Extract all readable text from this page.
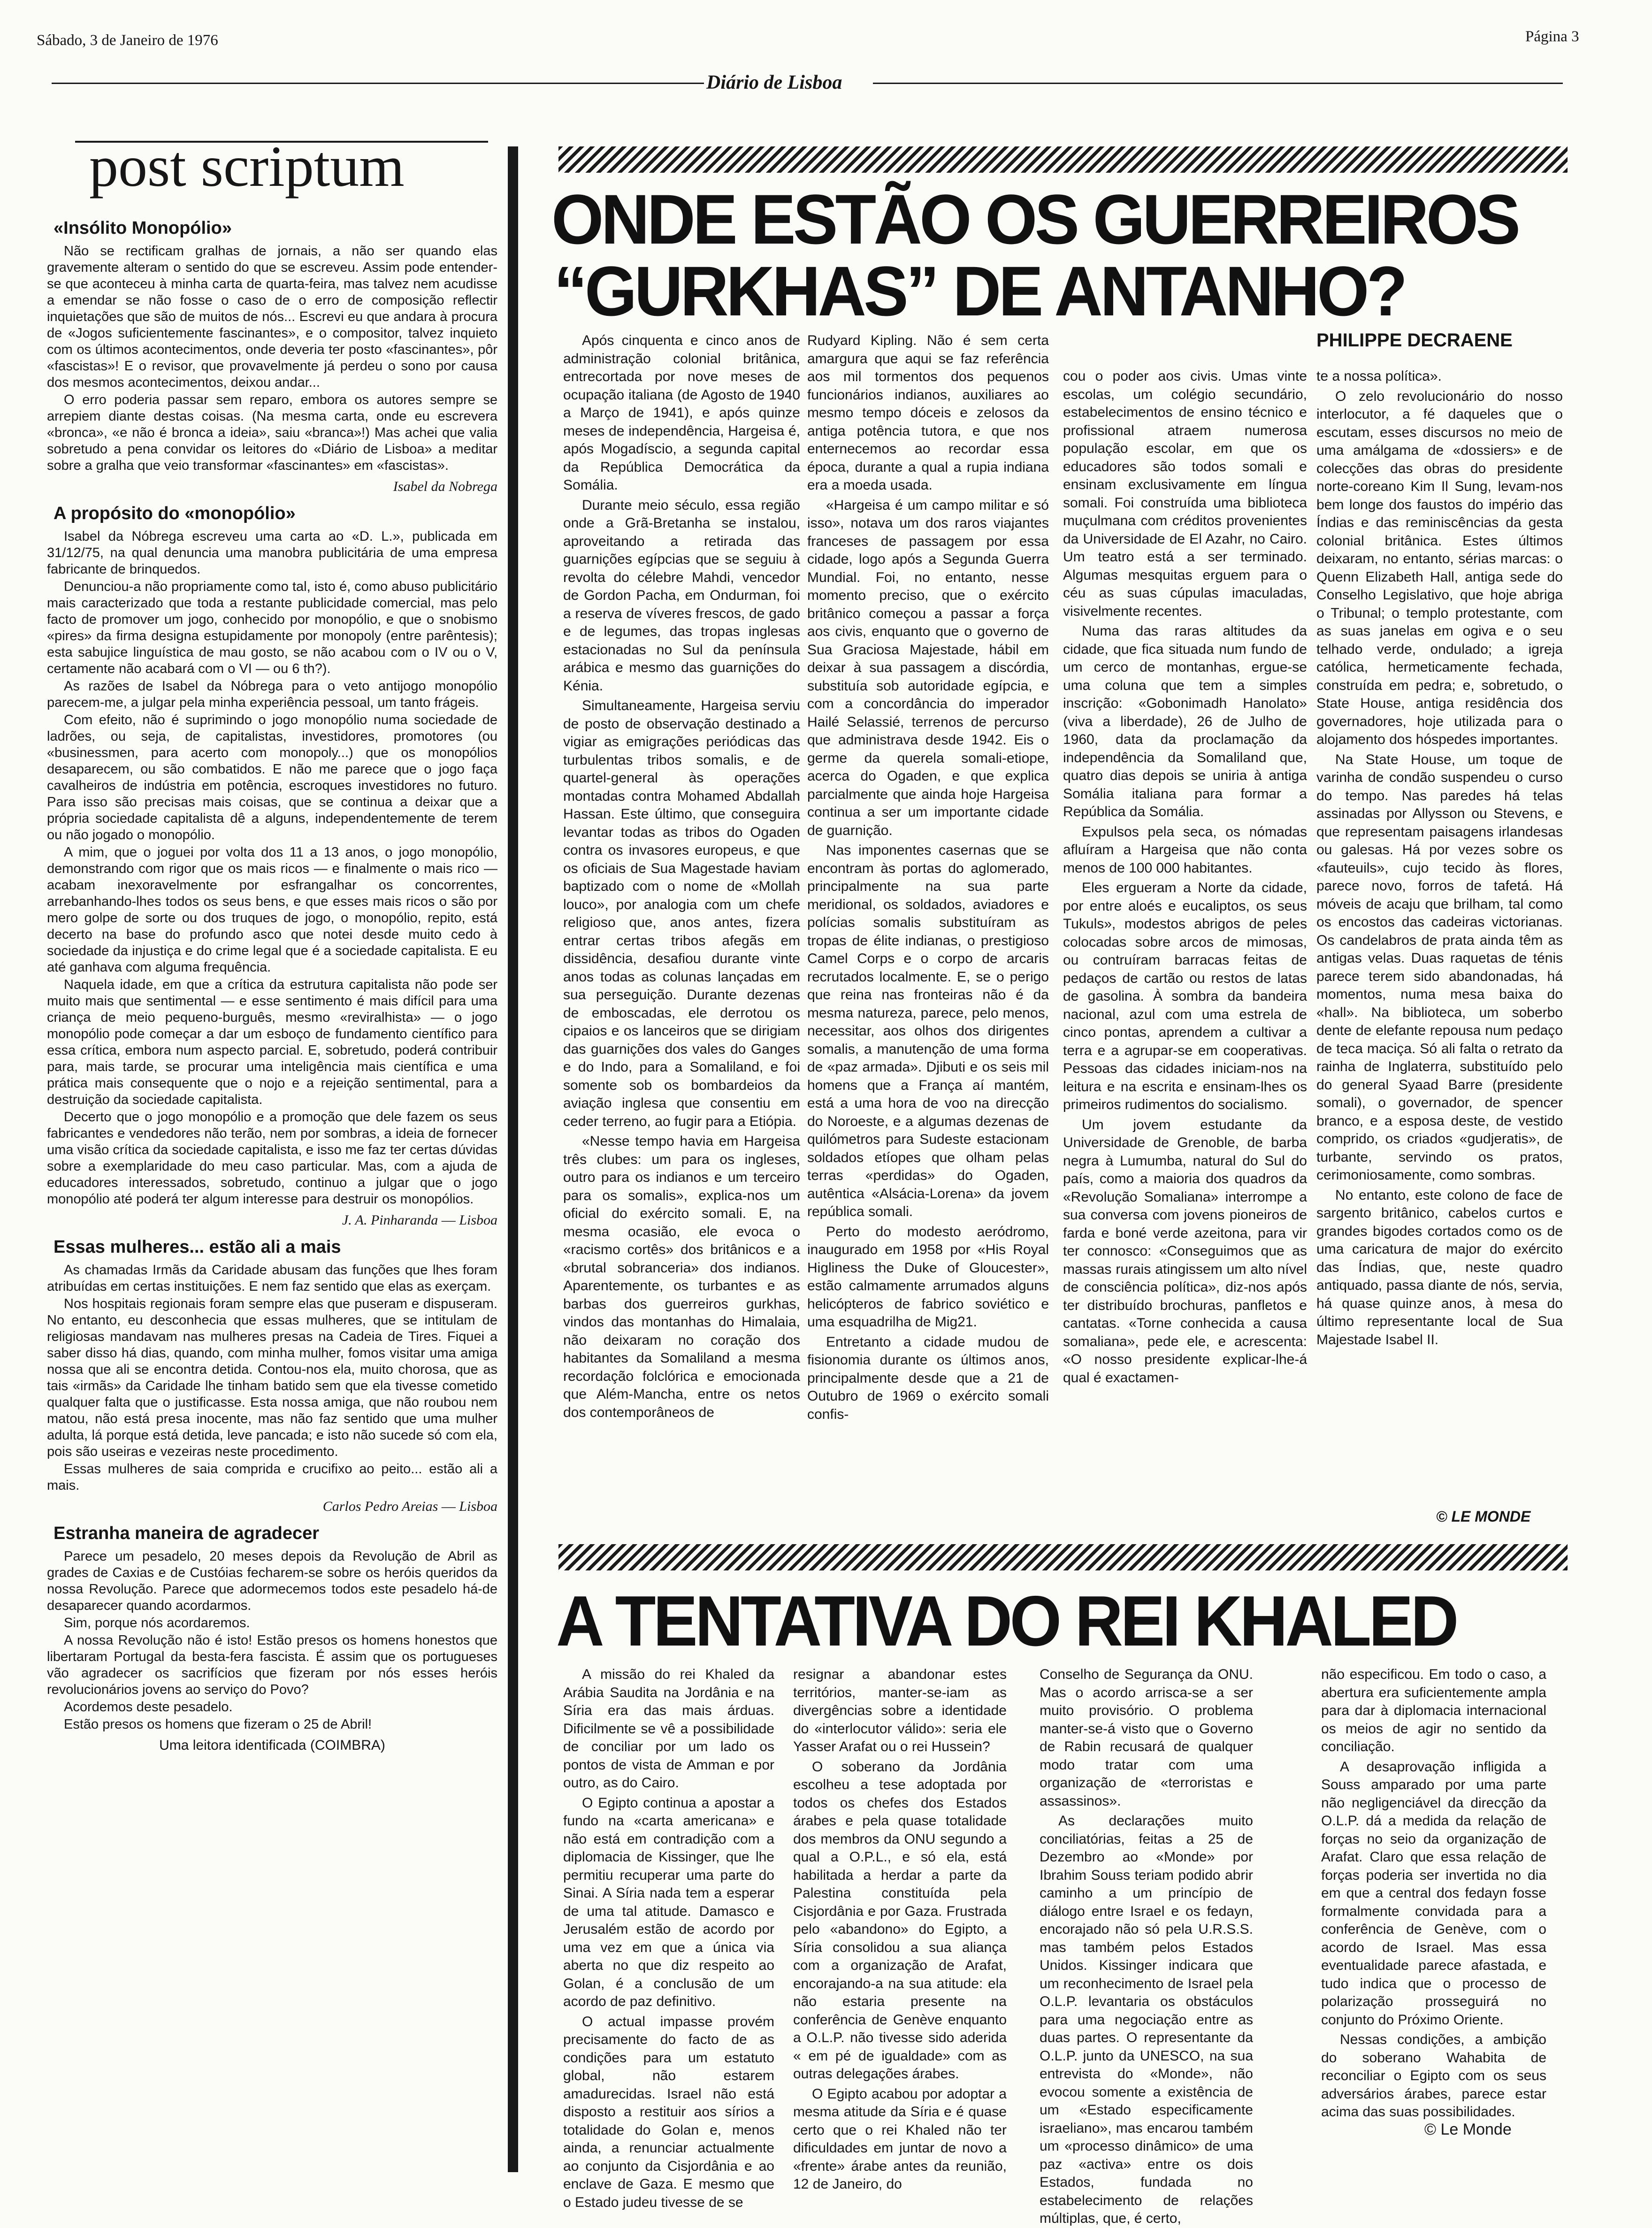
Sábado, 3 de Janeiro de 1976
Diário de Lisboa
Página 3
post scriptum
«Insólito Monopólio»

Não se rectificam gralhas de jornais, a não ser quando elas gravemente alteram o sentido do que se escreveu. Assim pode entender-se que aconteceu à minha carta de quarta-feira, mas talvez nem acudisse a emendar se não fosse o caso de o erro de composição reflectir inquietações que são de muitos de nós... Escrevi eu que andara à procura de «Jogos suficientemente fascinantes», e o compositor, talvez inquieto com os últimos acontecimentos, onde deveria ter posto «fascinantes», pôr «fascistas»! E o revisor, que provavelmente já perdeu o sono por causa dos mesmos acontecimentos, deixou andar...

O erro poderia passar sem reparo, embora os autores sempre se arrepiem diante destas coisas. (Na mesma carta, onde eu escrevera «bronca», «e não é bronca a ideia», saiu «branca»!) Mas achei que valia sobretudo a pena convidar os leitores do «Diário de Lisboa» a meditar sobre a gralha que veio transformar «fascinantes» em «fascistas».

Isabel da Nobrega
A propósito do «monopólio»

Isabel da Nóbrega escreveu uma carta ao «D. L.», publicada em 31/12/75, na qual denuncia uma manobra publicitária de uma empresa fabricante de brinquedos.

Denunciou-a não propriamente como tal, isto é, como abuso publicitário mais caracterizado que toda a restante publicidade comercial, mas pelo facto de promover um jogo, conhecido por monopólio, e que o snobismo «pires» da firma designa estupidamente por monopoly (entre parêntesis); esta sabujice linguística de mau gosto, se não acabou com o IV ou o V, certamente não acabará com o VI ― ou 6 th?).

As razões de Isabel da Nóbrega para o veto antijogo monopólio parecem-me, a julgar pela minha experiência pessoal, um tanto frágeis.

Com efeito, não é suprimindo o jogo monopólio numa sociedade de ladrões, ou seja, de capitalistas, investidores, promotores (ou «businessmen, para acerto com monopoly...) que os monopólios desaparecem, ou são combatidos. E não me parece que o jogo faça cavalheiros de indústria em potência, escroques investidores no futuro. Para isso são precisas mais coisas, que se continua a deixar que a própria sociedade capitalista dê a alguns, independentemente de terem ou não jogado o monopólio.

A mim, que o joguei por volta dos 11 a 13 anos, o jogo monopólio, demonstrando com rigor que os mais ricos ― e finalmente o mais rico ― acabam inexoravelmente por esfrangalhar os concorrentes, arrebanhando-lhes todos os seus bens, e que esses mais ricos o são por mero golpe de sorte ou dos truques de jogo, o monopólio, repito, está decerto na base do profundo asco que notei desde muito cedo à sociedade da injustiça e do crime legal que é a sociedade capitalista. E eu até ganhava com alguma frequência.

Naquela idade, em que a crítica da estrutura capitalista não pode ser muito mais que sentimental ― e esse sentimento é mais difícil para uma criança de meio pequeno-burguês, mesmo «reviralhista» ― o jogo monopólio pode começar a dar um esboço de fundamento científico para essa crítica, embora num aspecto parcial. E, sobretudo, poderá contribuir para, mais tarde, se procurar uma inteligência mais científica e uma prática mais consequente que o nojo e a rejeição sentimental, para a destruição da sociedade capitalista.

Decerto que o jogo monopólio e a promoção que dele fazem os seus fabricantes e vendedores não terão, nem por sombras, a ideia de fornecer uma visão crítica da sociedade capitalista, e isso me faz ter certas dúvidas sobre a exemplaridade do meu caso particular. Mas, com a ajuda de educadores interessados, sobretudo, continuo a julgar que o jogo monopólio até poderá ter algum interesse para destruir os monopólios.

J. A. Pinharanda ― Lisboa
Essas mulheres... estão ali a mais

As chamadas Irmãs da Caridade abusam das funções que lhes foram atribuídas em certas instituições. E nem faz sentido que elas as exerçam.

Nos hospitais regionais foram sempre elas que puseram e dispuseram. No entanto, eu desconhecia que essas mulheres, que se intitulam de religiosas mandavam nas mulheres presas na Cadeia de Tires. Fiquei a saber disso há dias, quando, com minha mulher, fomos visitar uma amiga nossa que ali se encontra detida. Contou-nos ela, muito chorosa, que as tais «irmãs» da Caridade lhe tinham batido sem que ela tivesse cometido qualquer falta que o justificasse. Esta nossa amiga, que não roubou nem matou, não está presa inocente, mas não faz sentido que uma mulher adulta, lá porque está detida, leve pancada; e isto não sucede só com ela, pois são useiras e vezeiras neste procedimento.

Essas mulheres de saia comprida e crucifixo ao peito... estão ali a mais.

Carlos Pedro Areias ― Lisboa
Estranha maneira de agradecer

Parece um pesadelo, 20 meses depois da Revolução de Abril as grades de Caxias e de Custóias fecharem-se sobre os heróis queridos da nossa Revolução. Parece que adormecemos todos este pesadelo há-de desaparecer quando acordarmos.

Sim, porque nós acordaremos.

A nossa Revolução não é isto! Estão presos os homens honestos que libertaram Portugal da besta-fera fascista. É assim que os portugueses vão agradecer os sacrifícios que fizeram por nós esses heróis revolucionários jovens ao serviço do Povo?

Acordemos deste pesadelo.

Estão presos os homens que fizeram o 25 de Abril!

Uma leitora identificada (COIMBRA)
ONDE ESTÃO OS GUERREIROS
“GURKHAS” DE ANTANHO?
PHILIPPE DECRAENE

Após cinquenta e cinco anos de administração colonial britânica, entrecortada por nove meses de ocupação italiana (de Agosto de 1940 a Março de 1941), e após quinze meses de independência, Hargeisa é, após Mogadíscio, a segunda capital da República Democrática da Somália.

Durante meio século, essa região onde a Grã-Bretanha se instalou, aproveitando a retirada das guarnições egípcias que se seguiu à revolta do célebre Mahdi, vencedor de Gordon Pacha, em Ondurman, foi a reserva de víveres frescos, de gado e de legumes, das tropas inglesas estacionadas no Sul da península arábica e mesmo das guarnições do Kénia.

Simultaneamente, Hargeisa serviu de posto de observação destinado a vigiar as emigrações periódicas das turbulentas tribos somalis, e de quartel-general às operações montadas contra Mohamed Abdallah Hassan. Este último, que conseguira levantar todas as tribos do Ogaden contra os invasores europeus, e que os oficiais de Sua Magestade haviam baptizado com o nome de «Mollah louco», por analogia com um chefe religioso que, anos antes, fizera entrar certas tribos afegãs em dissidência, desafiou durante vinte anos todas as colunas lançadas em sua perseguição. Durante dezenas de emboscadas, ele derrotou os cipaios e os lanceiros que se dirigiam das guarnições dos vales do Ganges e do Indo, para a Somaliland, e foi somente sob os bombardeios da aviação inglesa que consentiu em ceder terreno, ao fugir para a Etiópia.

«Nesse tempo havia em Hargeisa três clubes: um para os ingleses, outro para os indianos e um terceiro para os somalis», explica-nos um oficial do exército somali. E, na mesma ocasião, ele evoca o «racismo cortês» dos britânicos e a «brutal sobranceria» dos indianos. Aparentemente, os turbantes e as barbas dos guerreiros gurkhas, vindos das montanhas do Himalaia, não deixaram no coração dos habitantes da Somaliland a mesma recordação folclórica e emocionada que Além-Mancha, entre os netos dos contemporâneos de

Rudyard Kipling. Não é sem certa amargura que aqui se faz referência aos mil tormentos dos pequenos funcionários indianos, auxiliares ao mesmo tempo dóceis e zelosos da antiga potência tutora, e que nos enternecemos ao recordar essa época, durante a qual a rupia indiana era a moeda usada.

«Hargeisa é um campo militar e só isso», notava um dos raros viajantes franceses de passagem por essa cidade, logo após a Segunda Guerra Mundial. Foi, no entanto, nesse momento preciso, que o exército britânico começou a passar a força aos civis, enquanto que o governo de Sua Graciosa Majestade, hábil em deixar à sua passagem a discórdia, substituía sob autoridade egípcia, e com a concordância do imperador Hailé Selassié, terrenos de percurso que administrava desde 1942. Eis o germe da querela somali-etiope, acerca do Ogaden, e que explica parcialmente que ainda hoje Hargeisa continua a ser um importante cidade de guarnição.

Nas imponentes casernas que se encontram às portas do aglomerado, principalmente na sua parte meridional, os soldados, aviadores e polícias somalis substituíram as tropas de élite indianas, o prestigioso Camel Corps e o corpo de arcaris recrutados localmente. E, se o perigo que reina nas fronteiras não é da mesma natureza, parece, pelo menos, necessitar, aos olhos dos dirigentes somalis, a manutenção de uma forma de «paz armada». Djibuti e os seis mil homens que a França aí mantém, está a uma hora de voo na direcção do Noroeste, e a algumas dezenas de quilómetros para Sudeste estacionam soldados etíopes que olham pelas terras «perdidas» do Ogaden, autêntica «Alsácia-Lorena» da jovem república somali.

Perto do modesto aeródromo, inaugurado em 1958 por «His Royal Higliness the Duke of Gloucester», estão calmamente arrumados alguns helicópteros de fabrico soviético e uma esquadrilha de Mig21.

Entretanto a cidade mudou de fisionomia durante os últimos anos, principalmente desde que a 21 de Outubro de 1969 o exército somali confis-

cou o poder aos civis. Umas vinte escolas, um colégio secundário, estabelecimentos de ensino técnico e profissional atraem numerosa população escolar, em que os educadores são todos somali e ensinam exclusivamente em língua somali. Foi construída uma biblioteca muçulmana com créditos provenientes da Universidade de El Azahr, no Cairo. Um teatro está a ser terminado. Algumas mesquitas erguem para o céu as suas cúpulas imaculadas, visivelmente recentes.

Numa das raras altitudes da cidade, que fica situada num fundo de um cerco de montanhas, ergue-se uma coluna que tem a simples inscrição: «Gobonimadh Hanolato» (viva a liberdade), 26 de Julho de 1960, data da proclamação da independência da Somaliland que, quatro dias depois se uniria à antiga Somália italiana para formar a República da Somália.

Expulsos pela seca, os nómadas afluíram a Hargeisa que não conta menos de 100 000 habitantes.

Eles ergueram a Norte da cidade, por entre aloés e eucaliptos, os seus Tukuls», modestos abrigos de peles colocadas sobre arcos de mimosas, ou contruíram barracas feitas de pedaços de cartão ou restos de latas de gasolina. À sombra da bandeira nacional, azul com uma estrela de cinco pontas, aprendem a cultivar a terra e a agrupar-se em cooperativas. Pessoas das cidades iniciam-nos na leitura e na escrita e ensinam-lhes os primeiros rudimentos do socialismo.

Um jovem estudante da Universidade de Grenoble, de barba negra à Lumumba, natural do Sul do país, como a maioria dos quadros da «Revolução Somaliana» interrompe a sua conversa com jovens pioneiros de farda e boné verde azeitona, para vir ter connosco: «Conseguimos que as massas rurais atingissem um alto nível de consciência política», diz-nos após ter distribuído brochuras, panfletos e cantatas. «Torne conhecida a causa somaliana», pede ele, e acrescenta: «O nosso presidente explicar-lhe-á qual é exactamen-

te a nossa política».

O zelo revolucionário do nosso interlocutor, a fé daqueles que o escutam, esses discursos no meio de uma amálgama de «dossiers» e de colecções das obras do presidente norte-coreano Kim Il Sung, levam-nos bem longe dos faustos do império das Índias e das reminiscências da gesta colonial britânica. Estes últimos deixaram, no entanto, sérias marcas: o Quenn Elizabeth Hall, antiga sede do Conselho Legislativo, que hoje abriga o Tribunal; o templo protestante, com as suas janelas em ogiva e o seu telhado verde, ondulado; a igreja católica, hermeticamente fechada, construída em pedra; e, sobretudo, o State House, antiga residência dos governadores, hoje utilizada para o alojamento dos hóspedes importantes.

Na State House, um toque de varinha de condão suspendeu o curso do tempo. Nas paredes há telas assinadas por Allysson ou Stevens, e que representam paisagens irlandesas ou galesas. Há por vezes sobre os «fauteuils», cujo tecido às flores, parece novo, forros de tafetá. Há móveis de acaju que brilham, tal como os encostos das cadeiras victorianas. Os candelabros de prata ainda têm as antigas velas. Duas raquetas de ténis parece terem sido abandonadas, há momentos, numa mesa baixa do «hall». Na biblioteca, um soberbo dente de elefante repousa num pedaço de teca maciça. Só ali falta o retrato da rainha de Inglaterra, substituído pelo do general Syaad Barre (presidente somali), o governador, de spencer branco, e a esposa deste, de vestido comprido, os criados «gudjeratis», de turbante, servindo os pratos, cerimoniosamente, como sombras.

No entanto, este colono de face de sargento britânico, cabelos curtos e grandes bigodes cortados como os de uma caricatura de major do exército das Índias, que, neste quadro antiquado, passa diante de nós, servia, há quase quinze anos, à mesa do último representante local de Sua Majestade Isabel II.

© LE MONDE
A TENTATIVA DO REI KHALED

A missão do rei Khaled da Arábia Saudita na Jordânia e na Síria era das mais árduas. Dificilmente se vê a possibilidade de conciliar por um lado os pontos de vista de Amman e por outro, as do Cairo.

O Egipto continua a apostar a fundo na «carta americana» e não está em contradição com a diplomacia de Kissinger, que lhe permitiu recuperar uma parte do Sinai. A Síria nada tem a esperar de uma tal atitude. Damasco e Jerusalém estão de acordo por uma vez em que a única via aberta no que diz respeito ao Golan, é a conclusão de um acordo de paz definitivo.

O actual impasse provém precisamente do facto de as condições para um estatuto global, não estarem amadurecidas. Israel não está disposto a restituir aos sírios a totalidade do Golan e, menos ainda, a renunciar actualmente ao conjunto da Cisjordânia e ao enclave de Gaza. E mesmo que o Estado judeu tivesse de se

resignar a abandonar estes territórios, manter-se-iam as divergências sobre a identidade do «interlocutor válido»: seria ele Yasser Arafat ou o rei Hussein?

O soberano da Jordânia escolheu a tese adoptada por todos os chefes dos Estados árabes e pela quase totalidade dos membros da ONU segundo a qual a O.P.L., e só ela, está habilitada a herdar a parte da Palestina constituída pela Cisjordânia e por Gaza. Frustrada pelo «abandono» do Egipto, a Síria consolidou a sua aliança com a organização de Arafat, encorajando-a na sua atitude: ela não estaria presente na conferência de Genève enquanto a O.L.P. não tivesse sido aderida « em pé de igualdade» com as outras delegações árabes.

O Egipto acabou por adoptar a mesma atitude da Síria e é quase certo que o rei Khaled não ter dificuldades em juntar de novo a «frente» árabe antes da reunião, 12 de Janeiro, do

Conselho de Segurança da ONU. Mas o acordo arrisca-se a ser muito provisório. O problema manter-se-á visto que o Governo de Rabin recusará de qualquer modo tratar com uma organização de «terroristas e assassinos».

As declarações muito conciliatórias, feitas a 25 de Dezembro ao «Monde» por Ibrahim Souss teriam podido abrir caminho a um princípio de diálogo entre Israel e os fedayn, encorajado não só pela U.R.S.S. mas também pelos Estados Unidos. Kissinger indicara que um reconhecimento de Israel pela O.L.P. levantaria os obstáculos para uma negociação entre as duas partes. O representante da O.L.P. junto da UNESCO, na sua entrevista do «Monde», não evocou somente a existência de um «Estado especificamente israeliano», mas encarou também um «processo dinâmico» de uma paz «activa» entre os dois Estados, fundada no estabelecimento de relações múltiplas, que, é certo,

não especificou. Em todo o caso, a abertura era suficientemente ampla para dar à diplomacia internacional os meios de agir no sentido da conciliação.

A desaprovação infligida a Souss amparado por uma parte não negligenciável da direcção da O.L.P. dá a medida da relação de forças no seio da organização de Arafat. Claro que essa relação de forças poderia ser invertida no dia em que a central dos fedayn fosse formalmente convidada para a conferência de Genève, com o acordo de Israel. Mas essa eventualidade parece afastada, e tudo indica que o processo de polarização prosseguirá no conjunto do Próximo Oriente.

Nessas condições, a ambição do soberano Wahabita de reconciliar o Egipto com os seus adversários árabes, parece estar acima das suas possibilidades.

© Le Monde
